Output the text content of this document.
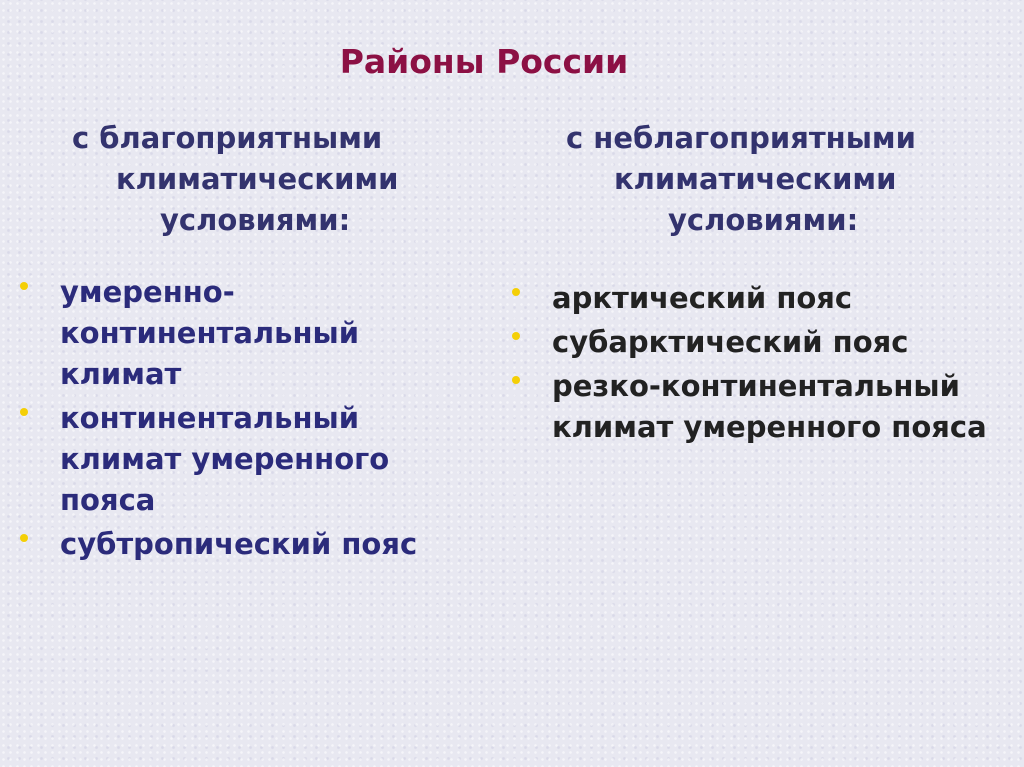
Районы России
с благоприятными
климатическими
условиями:
с неблагоприятными
климатическими
условиями:
умеренно-континентальный климат
континентальный климат умеренного пояса
субтропический пояс
арктический пояс
субарктический пояс
резко-континентальный климат умеренного пояса
